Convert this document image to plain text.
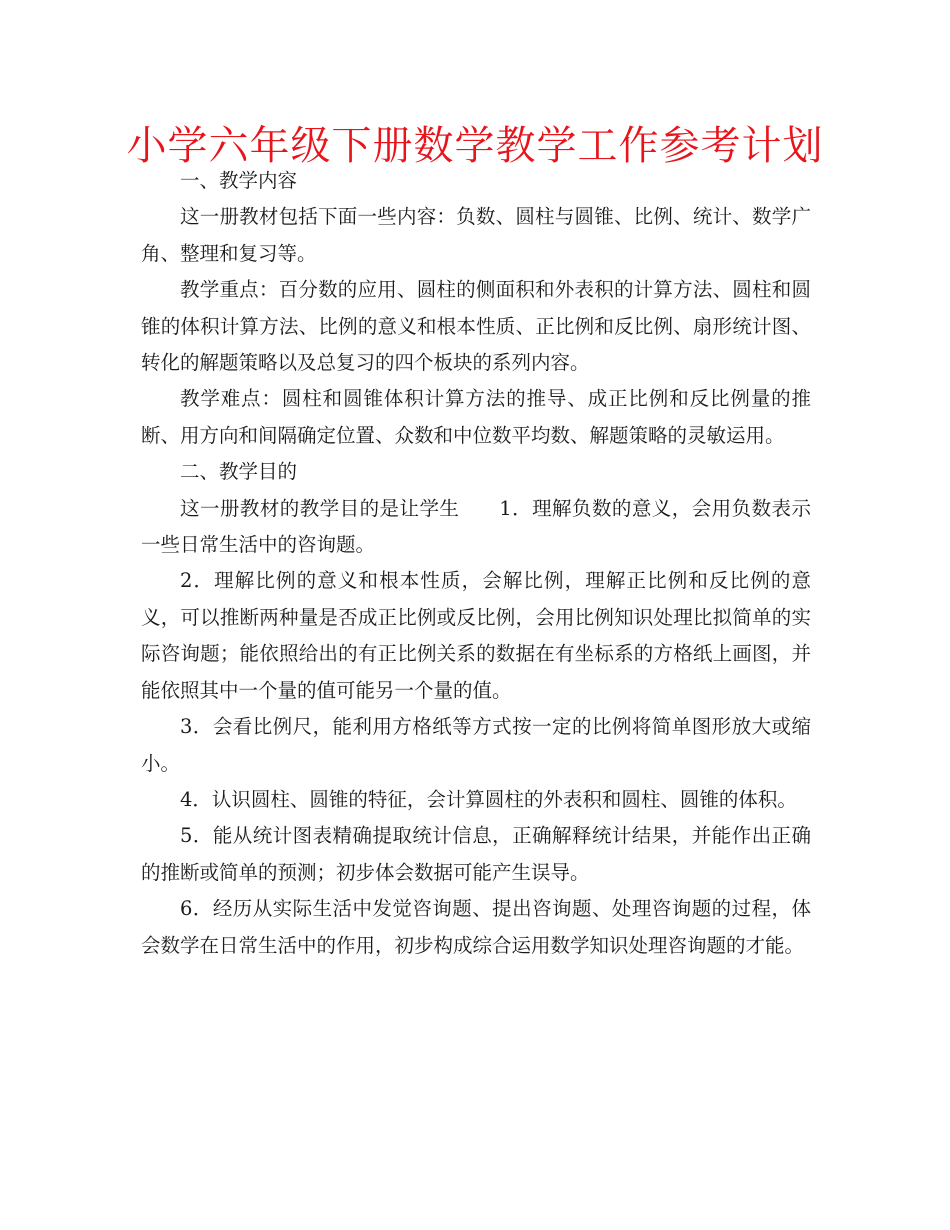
小学六年级下册数学教学工作参考计划

一、教学内容

这一册教材包括下面一些内容：负数、圆柱与圆锥、比例、统计、数学广角、整理和复习等。

教学重点：百分数的应用、圆柱的侧面积和外表积的计算方法、圆柱和圆锥的体积计算方法、比例的意义和根本性质、正比例和反比例、扇形统计图、转化的解题策略以及总复习的四个板块的系列内容。

教学难点：圆柱和圆锥体积计算方法的推导、成正比例和反比例量的推断、用方向和间隔确定位置、众数和中位数平均数、解题策略的灵敏运用。

二、教学目的

这一册教材的教学目的是让学生　　1．理解负数的意义，会用负数表示一些日常生活中的咨询题。

2．理解比例的意义和根本性质，会解比例，理解正比例和反比例的意义，可以推断两种量是否成正比例或反比例，会用比例知识处理比拟简单的实际咨询题；能依照给出的有正比例关系的数据在有坐标系的方格纸上画图，并能依照其中一个量的值可能另一个量的值。

3．会看比例尺，能利用方格纸等方式按一定的比例将简单图形放大或缩小。

4．认识圆柱、圆锥的特征，会计算圆柱的外表积和圆柱、圆锥的体积。

5．能从统计图表精确提取统计信息，正确解释统计结果，并能作出正确的推断或简单的预测；初步体会数据可能产生误导。

6．经历从实际生活中发觉咨询题、提出咨询题、处理咨询题的过程，体会数学在日常生活中的作用，初步构成综合运用数学知识处理咨询题的才能。
